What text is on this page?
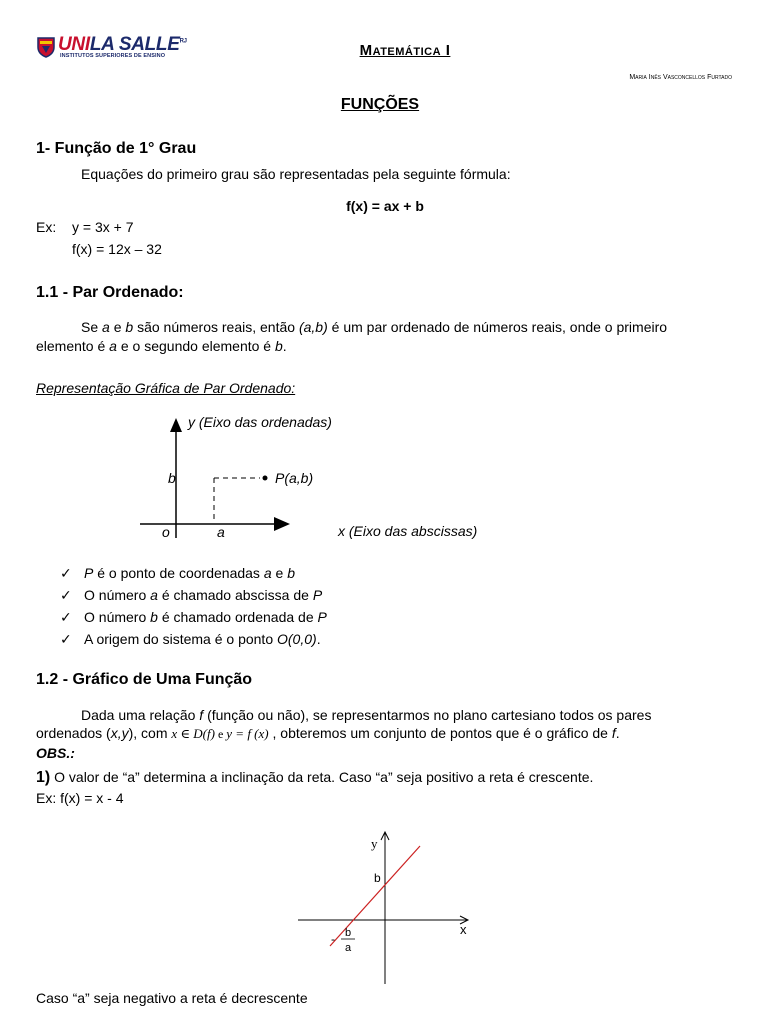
UNILA $SALLE^{RJ}$
INSTITUTOS SUPERIORES DE ENSINO	Matemática I
Maria Inês Vasconcellos Furtado
FUNÇÕES
1- Função de 1° Grau
Equações do primeiro grau são representadas pela seguinte fórmula:
f(x) = ax + b
Ex: y = 3x + 7
f(x) = 12x – 32
1.1 - Par Ordenado:
Se a e b são números reais, então (a,b) é um par ordenado de números reais, onde o primeiro
elemento é a e o segundo elemento é b.
Representação Gráfica de Par Ordenado:
y (Eixo das ordenadas)
P(a,b)
b
o	a	x (Eixo das abscissas)
✓ P é o ponto de coordenadas a e b
✓ O número a é chamado abscissa de P
✓ O número b é chamado ordenada de P
✓ A origem do sistema é o ponto O(0,0).
1.2 - Gráfico de Uma Função
Dada uma relação f (função ou não), se representarmos no plano cartesiano todos os pares
ordenados (x,y), com x ∈ D(f) e y = f (x) , obteremos um conjunto de pontos que é o gráfico de f.
OBS.:
1) O valor de “a” determina a inclinação da reta. Caso “a” seja positivo a reta é crescente.
Ex: f(x) = x - 4
y
x
b
- b
a
Caso “a” seja negativo a reta é decrescente
